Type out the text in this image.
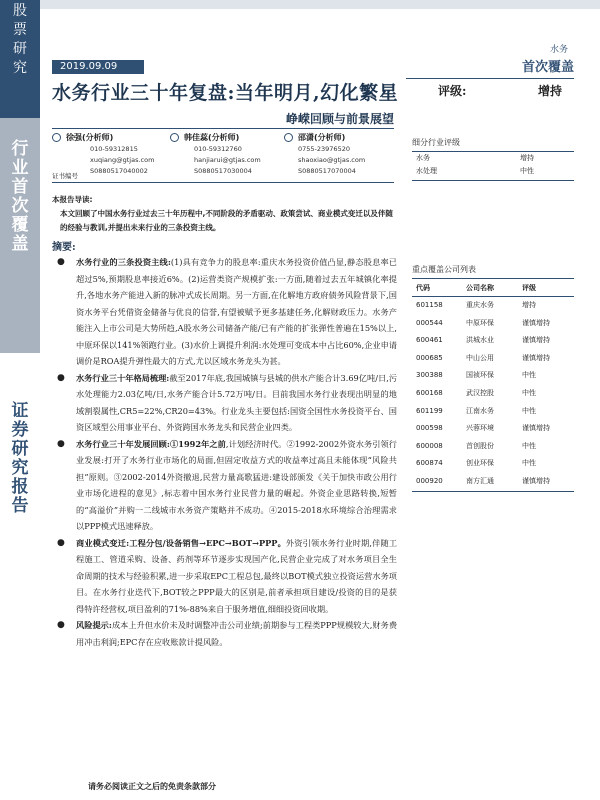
股
票
研
究
行
业
首
次
覆
盖
证
券
研
究
报
告
2019.09.09
水务
首次覆盖
评级:	增持
水务行业三十年复盘:当年明月,幻化繁星
峥嵘回顾与前景展望
徐强(分析师)
010-59312815
xuqiang@gtjas.com
S0880517040002
韩佳蕊(分析师)
010-59312760
hanjiarui@gtjas.com
S0880517030004
邵潇(分析师)
0755-23976520
shaoxiao@gtjas.com
S0880517070004
证书编号
本报告导读:
本文回顾了中国水务行业过去三十年历程中,不同阶段的矛盾驱动、政策尝试、商业模式变迁以及伴随的经验与教训,并提出未来行业的三条投资主线。
摘要:
● 水务行业的三条投资主线:(1)具有竞争力的股息率:重庆水务投资价值凸显,静态股息率已超过5%,预期股息率接近6%。(2)运营类资产规模扩张:一方面,随着过去五年城镇化率提升,各地水务产能进入新的脉冲式成长周期。另一方面,在化解地方政府债务风险背景下,国资水务平台凭借资金储备与优良的信誉,有望被赋予更多基建任务,化解财政压力。水务产能注入上市公司是大势所趋,A股水务公司储备产能/已有产能的扩张弹性普遍在15%以上,中原环保以141%领跑行业。(3)水价上调提升利润:水处理可变成本中占比60%,企业申请调价是ROA提升弹性最大的方式,尤以区域水务龙头为甚。
● 水务行业三十年格局梳理:截至2017年底,我国城镇与县城的供水产能合计3.69亿吨/日,污水处理能力2.03亿吨/日,水务产能合计5.72万吨/日。目前我国水务行业表现出明显的地域割裂属性,CR5=22%,CR20=43%。行业龙头主要包括:国资全国性水务投资平台、国资区域型公用事业平台、外资跨国水务龙头和民营企业四类。
● 水务行业三十年发展回顾:①1992年之前,计划经济时代。②1992-2002外资水务引领行业发展:打开了水务行业市场化的局面,但固定收益方式的收益率过高且未能体现“风险共担”原则。③2002-2014外资撤退,民营力量高歌猛进:建设部颁发《关于加快市政公用行业市场化进程的意见》,标志着中国水务行业民营力量的崛起。外资企业思路转换,短暂的“高溢价”并购一二线城市水务资产策略并不成功。④2015-2018水环境综合治理需求以PPP模式迅速释放。
● 商业模式变迁:工程分包/设备销售→EPC→BOT→PPP。外资引领水务行业时期,伴随工程施工、管道采购、设备、药剂等环节逐步实现国产化,民营企业完成了对水务项目全生命周期的技术与经验积累,进一步采取EPC工程总包,最终以BOT模式独立投资运营水务项目。在水务行业迭代下,BOT较之PPP最大的区别是,前者承担项目建设/投资的目的是获得特许经营权,项目盈利的71%-88%来自于服务增值,细细投资回收期。
● 风险提示:成本上升但水价未及时调整冲击公司业绩;前期参与工程类PPP规模较大,财务费用冲击利润;EPC存在应收账款计提风险。
细分行业评级
水务	增持
水处理	中性
重点覆盖公司列表
代码	公司名称	评级
601158	重庆水务	增持
000544	中原环保	谨慎增持
600461	洪城水业	谨慎增持
000685	中山公用	谨慎增持
300388	国祯环保	中性
600168	武汉控股	中性
601199	江南水务	中性
000598	兴蓉环境	谨慎增持
600008	首创股份	中性
600874	创业环保	中性
000920	南方汇通	谨慎增持
请务必阅读正文之后的免责条款部分
